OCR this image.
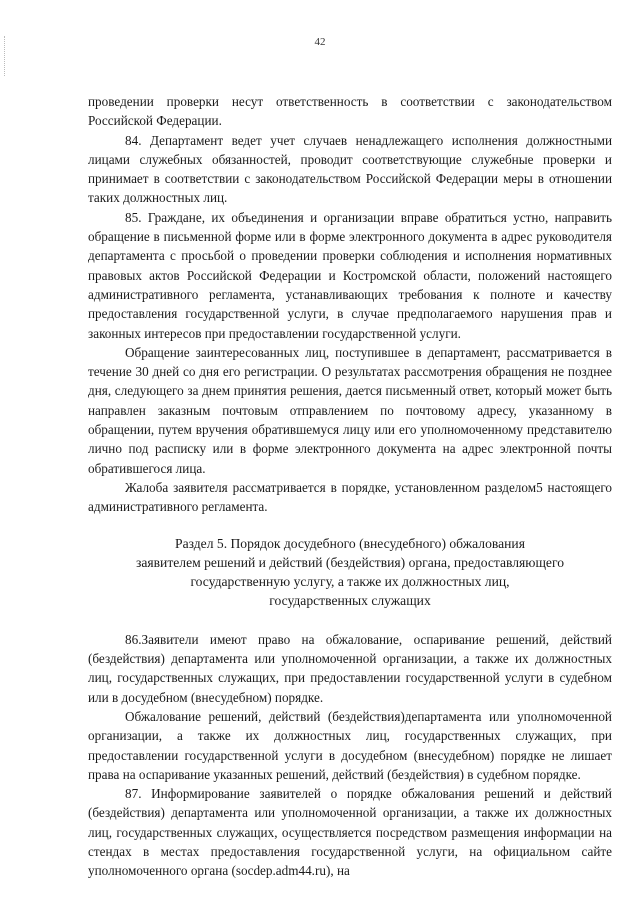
42

проведении проверки несут ответственность в соответствии с законодательством Российской Федерации.

84. Департамент ведет учет случаев ненадлежащего исполнения должностными лицами служебных обязанностей, проводит соответствующие служебные проверки и принимает в соответствии с законодательством Российской Федерации меры в отношении таких должностных лиц.

85. Граждане, их объединения и организации вправе обратиться устно, направить обращение в письменной форме или в форме электронного документа в адрес руководителя департамента с просьбой о проведении проверки соблюдения и исполнения нормативных правовых актов Российской Федерации и Костромской области, положений настоящего административного регламента, устанавливающих требования к полноте и качеству предоставления государственной услуги, в случае предполагаемого нарушения прав и законных интересов при предоставлении государственной услуги.

Обращение заинтересованных лиц, поступившее в департамент, рассматривается в течение 30 дней со дня его регистрации. О результатах рассмотрения обращения не позднее дня, следующего за днем принятия решения, дается письменный ответ, который может быть направлен заказным почтовым отправлением по почтовому адресу, указанному в обращении, путем вручения обратившемуся лицу или его уполномоченному представителю лично под расписку или в форме электронного документа на адрес электронной почты обратившегося лица.

Жалоба заявителя рассматривается в порядке, установленном разделом5 настоящего административного регламента.

Раздел 5. Порядок досудебного (внесудебного) обжалования
заявителем решений и действий (бездействия) органа, предоставляющего
государственную услугу, а также их должностных лиц,
государственных служащих

86.Заявители имеют право на обжалование, оспаривание решений, действий (бездействия) департамента или уполномоченной организации, а также их должностных лиц, государственных служащих, при предоставлении государственной услуги в судебном или в досудебном (внесудебном) порядке.

Обжалование решений, действий (бездействия)департамента или уполномоченной организации, а также их должностных лиц, государственных служащих, при предоставлении государственной услуги в досудебном (внесудебном) порядке не лишает права на оспаривание указанных решений, действий (бездействия) в судебном порядке.

87. Информирование заявителей о порядке обжалования решений и действий (бездействия) департамента или уполномоченной организации, а также их должностных лиц, государственных служащих, осуществляется посредством размещения информации на стендах в местах предоставления государственной услуги, на официальном сайте уполномоченного органа (socdep.adm44.ru), на
